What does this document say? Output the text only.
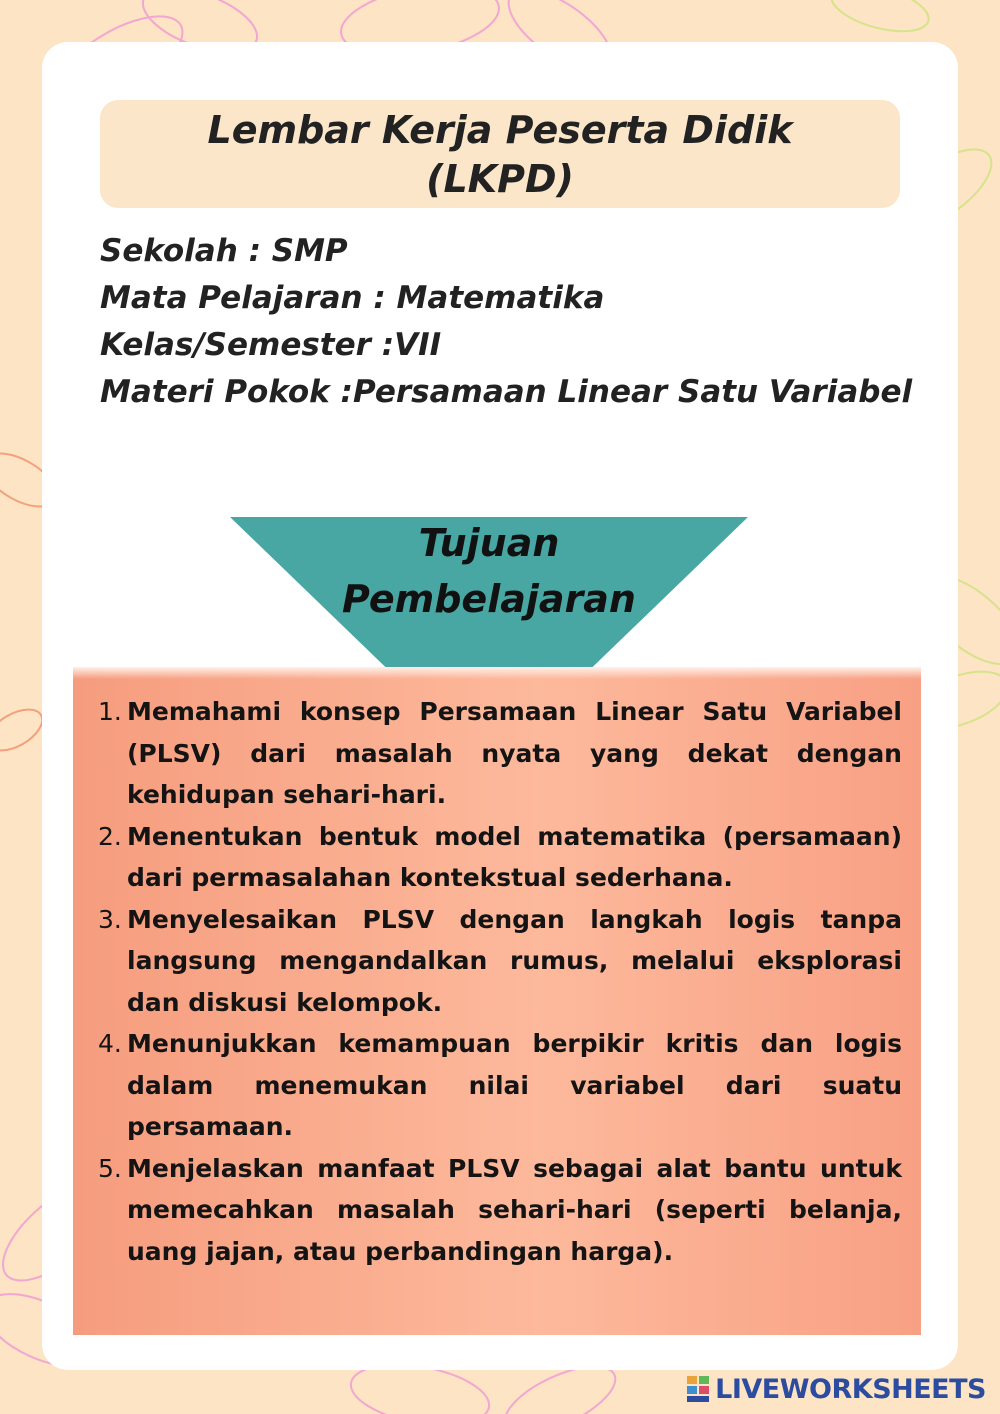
Lembar Kerja Peserta Didik
(LKPD)
Sekolah : SMP
Mata Pelajaran : Matematika
Kelas/Semester :VII
Materi Pokok :Persamaan Linear Satu Variabel
Tujuan
Pembelajaran
1. Memahami konsep Persamaan Linear Satu Variabel (PLSV) dari masalah nyata yang dekat dengan kehidupan sehari-hari.
2. Menentukan bentuk model matematika (persamaan) dari permasalahan kontekstual sederhana.
3. Menyelesaikan PLSV dengan langkah logis tanpa langsung mengandalkan rumus, melalui eksplorasi dan diskusi kelompok.
4. Menunjukkan kemampuan berpikir kritis dan logis dalam menemukan nilai variabel dari suatu persamaan.
5. Menjelaskan manfaat PLSV sebagai alat bantu untuk memecahkan masalah sehari-hari (seperti belanja, uang jajan, atau perbandingan harga).
LIVEWORKSHEETS
